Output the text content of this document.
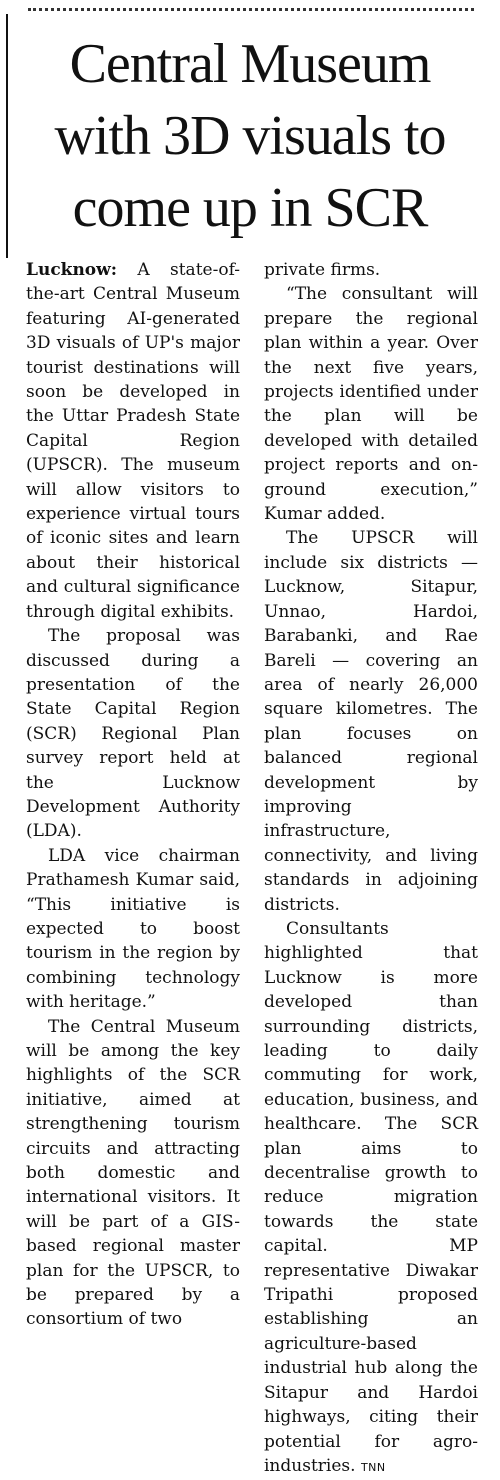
Central Museum with 3D visuals to come up in SCR

Lucknow: A state-of-the-art Central Museum featuring AI-generated 3D visuals of UP's major tourist destinations will soon be developed in the Uttar Pradesh State Capital Region (UPSCR). The museum will allow visitors to experience virtual tours of iconic sites and learn about their historical and cultural significance through digital exhibits.

The proposal was discussed during a presentation of the State Capital Region (SCR) Regional Plan survey report held at the Lucknow Development Authority (LDA).

LDA vice chairman Prathamesh Kumar said, “This initiative is expected to boost tourism in the region by combining technology with heritage.”

The Central Museum will be among the key highlights of the SCR initiative, aimed at strengthening tourism circuits and attracting both domestic and international visitors. It will be part of a GIS-based regional master plan for the UPSCR, to be prepared by a consortium of two

private firms.

“The consultant will prepare the regional plan within a year. Over the next five years, projects identified under the plan will be developed with detailed project reports and on-ground execution,” Kumar added.

The UPSCR will include six districts — Lucknow, Sitapur, Unnao, Hardoi, Barabanki, and Rae Bareli — covering an area of nearly 26,000 square kilometres. The plan focuses on balanced regional development by improving infrastructure, connectivity, and living standards in adjoining districts.

Consultants highlighted that Lucknow is more developed than surrounding districts, leading to daily commuting for work, education, business, and healthcare. The SCR plan aims to decentralise growth to reduce migration towards the state capital. MP representative Diwakar Tripathi proposed establishing an agriculture-based industrial hub along the Sitapur and Hardoi highways, citing their potential for agro-industries. TNN
